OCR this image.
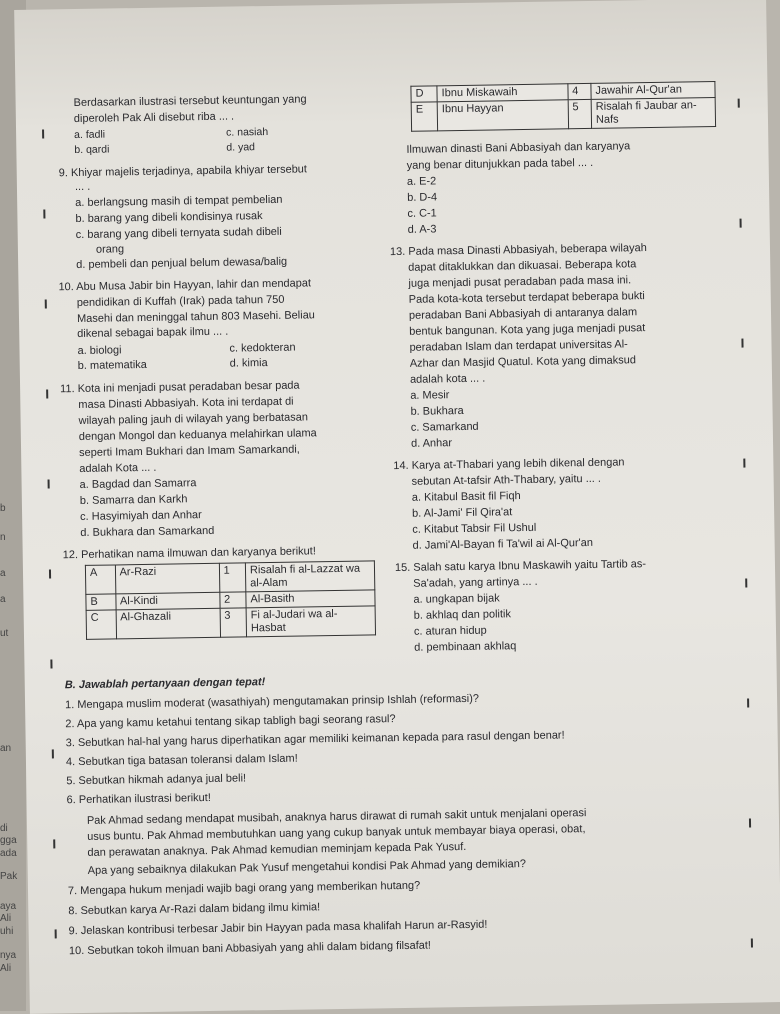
b
n
a
a
ut
an
di
gga
ada
Pak
aya
Ali
uhi
nya
Ali
Berdasarkan ilustrasi tersebut keuntungan yang
diperoleh Pak Ali disebut riba ... .
a. fadli	c. nasiah
b. qardi	d. yad
9. Khiyar majelis terjadinya, apabila khiyar tersebut
... .
a. berlangsung masih di tempat pembelian
b. barang yang dibeli kondisinya rusak
c. barang yang dibeli ternyata sudah dibeli
orang
d. pembeli dan penjual belum dewasa/balig
10. Abu Musa Jabir bin Hayyan, lahir dan mendapat
pendidikan di Kuffah (Irak) pada tahun 750
Masehi dan meninggal tahun 803 Masehi. Beliau
dikenal sebagai bapak ilmu ... .
a. biologi	c. kedokteran
b. matematika	d. kimia
11. Kota ini menjadi pusat peradaban besar pada
masa Dinasti Abbasiyah. Kota ini terdapat di
wilayah paling jauh di wilayah yang berbatasan
dengan Mongol dan keduanya melahirkan ulama
seperti Imam Bukhari dan Imam Samarkandi,
adalah Kota ... .
a. Bagdad dan Samarra
b. Samarra dan Karkh
c. Hasyimiyah dan Anhar
d. Bukhara dan Samarkand
12. Perhatikan nama ilmuwan dan karyanya berikut!
A	Ar-Razi	1	Risalah fi al-Lazzat wa al-Alam
B	Al-Kindi	2	Al-Basith
C	Al-Ghazali	3	Fi al-Judari wa al-Hasbat
D	Ibnu Miskawaih	4	Jawahir Al-Qur'an
E	Ibnu Hayyan	5	Risalah fi Jaubar an-Nafs
Ilmuwan dinasti Bani Abbasiyah dan karyanya
yang benar ditunjukkan pada tabel ... .
a. E-2
b. D-4
c. C-1
d. A-3
13. Pada masa Dinasti Abbasiyah, beberapa wilayah
dapat ditaklukkan dan dikuasai. Beberapa kota
juga menjadi pusat peradaban pada masa ini.
Pada kota-kota tersebut terdapat beberapa bukti
peradaban Bani Abbasiyah di antaranya dalam
bentuk bangunan. Kota yang juga menjadi pusat
peradaban Islam dan terdapat universitas Al-
Azhar dan Masjid Quatul. Kota yang dimaksud
adalah kota ... .
a. Mesir
b. Bukhara
c. Samarkand
d. Anhar
14. Karya at-Thabari yang lebih dikenal dengan
sebutan At-tafsir Ath-Thabary, yaitu ... .
a. Kitabul Basit fil Fiqh
b. Al-Jami' Fil Qira'at
c. Kitabut Tabsir Fil Ushul
d. Jami'Al-Bayan fi Ta'wil ai Al-Qur'an
15. Salah satu karya Ibnu Maskawih yaitu Tartib as-
Sa'adah, yang artinya ... .
a. ungkapan bijak
b. akhlaq dan politik
c. aturan hidup
d. pembinaan akhlaq
B. Jawablah pertanyaan dengan tepat!
1. Mengapa muslim moderat (wasathiyah) mengutamakan prinsip Ishlah (reformasi)?
2. Apa yang kamu ketahui tentang sikap tabligh bagi seorang rasul?
3. Sebutkan hal-hal yang harus diperhatikan agar memiliki keimanan kepada para rasul dengan benar!
4. Sebutkan tiga batasan toleransi dalam Islam!
5. Sebutkan hikmah adanya jual beli!
6. Perhatikan ilustrasi berikut!
Pak Ahmad sedang mendapat musibah, anaknya harus dirawat di rumah sakit untuk menjalani operasi
usus buntu. Pak Ahmad membutuhkan uang yang cukup banyak untuk membayar biaya operasi, obat,
dan perawatan anaknya. Pak Ahmad kemudian meminjam kepada Pak Yusuf.
Apa yang sebaiknya dilakukan Pak Yusuf mengetahui kondisi Pak Ahmad yang demikian?
7. Mengapa hukum menjadi wajib bagi orang yang memberikan hutang?
8. Sebutkan karya Ar-Razi dalam bidang ilmu kimia!
9. Jelaskan kontribusi terbesar Jabir bin Hayyan pada masa khalifah Harun ar-Rasyid!
10. Sebutkan tokoh ilmuan bani Abbasiyah yang ahli dalam bidang filsafat!
